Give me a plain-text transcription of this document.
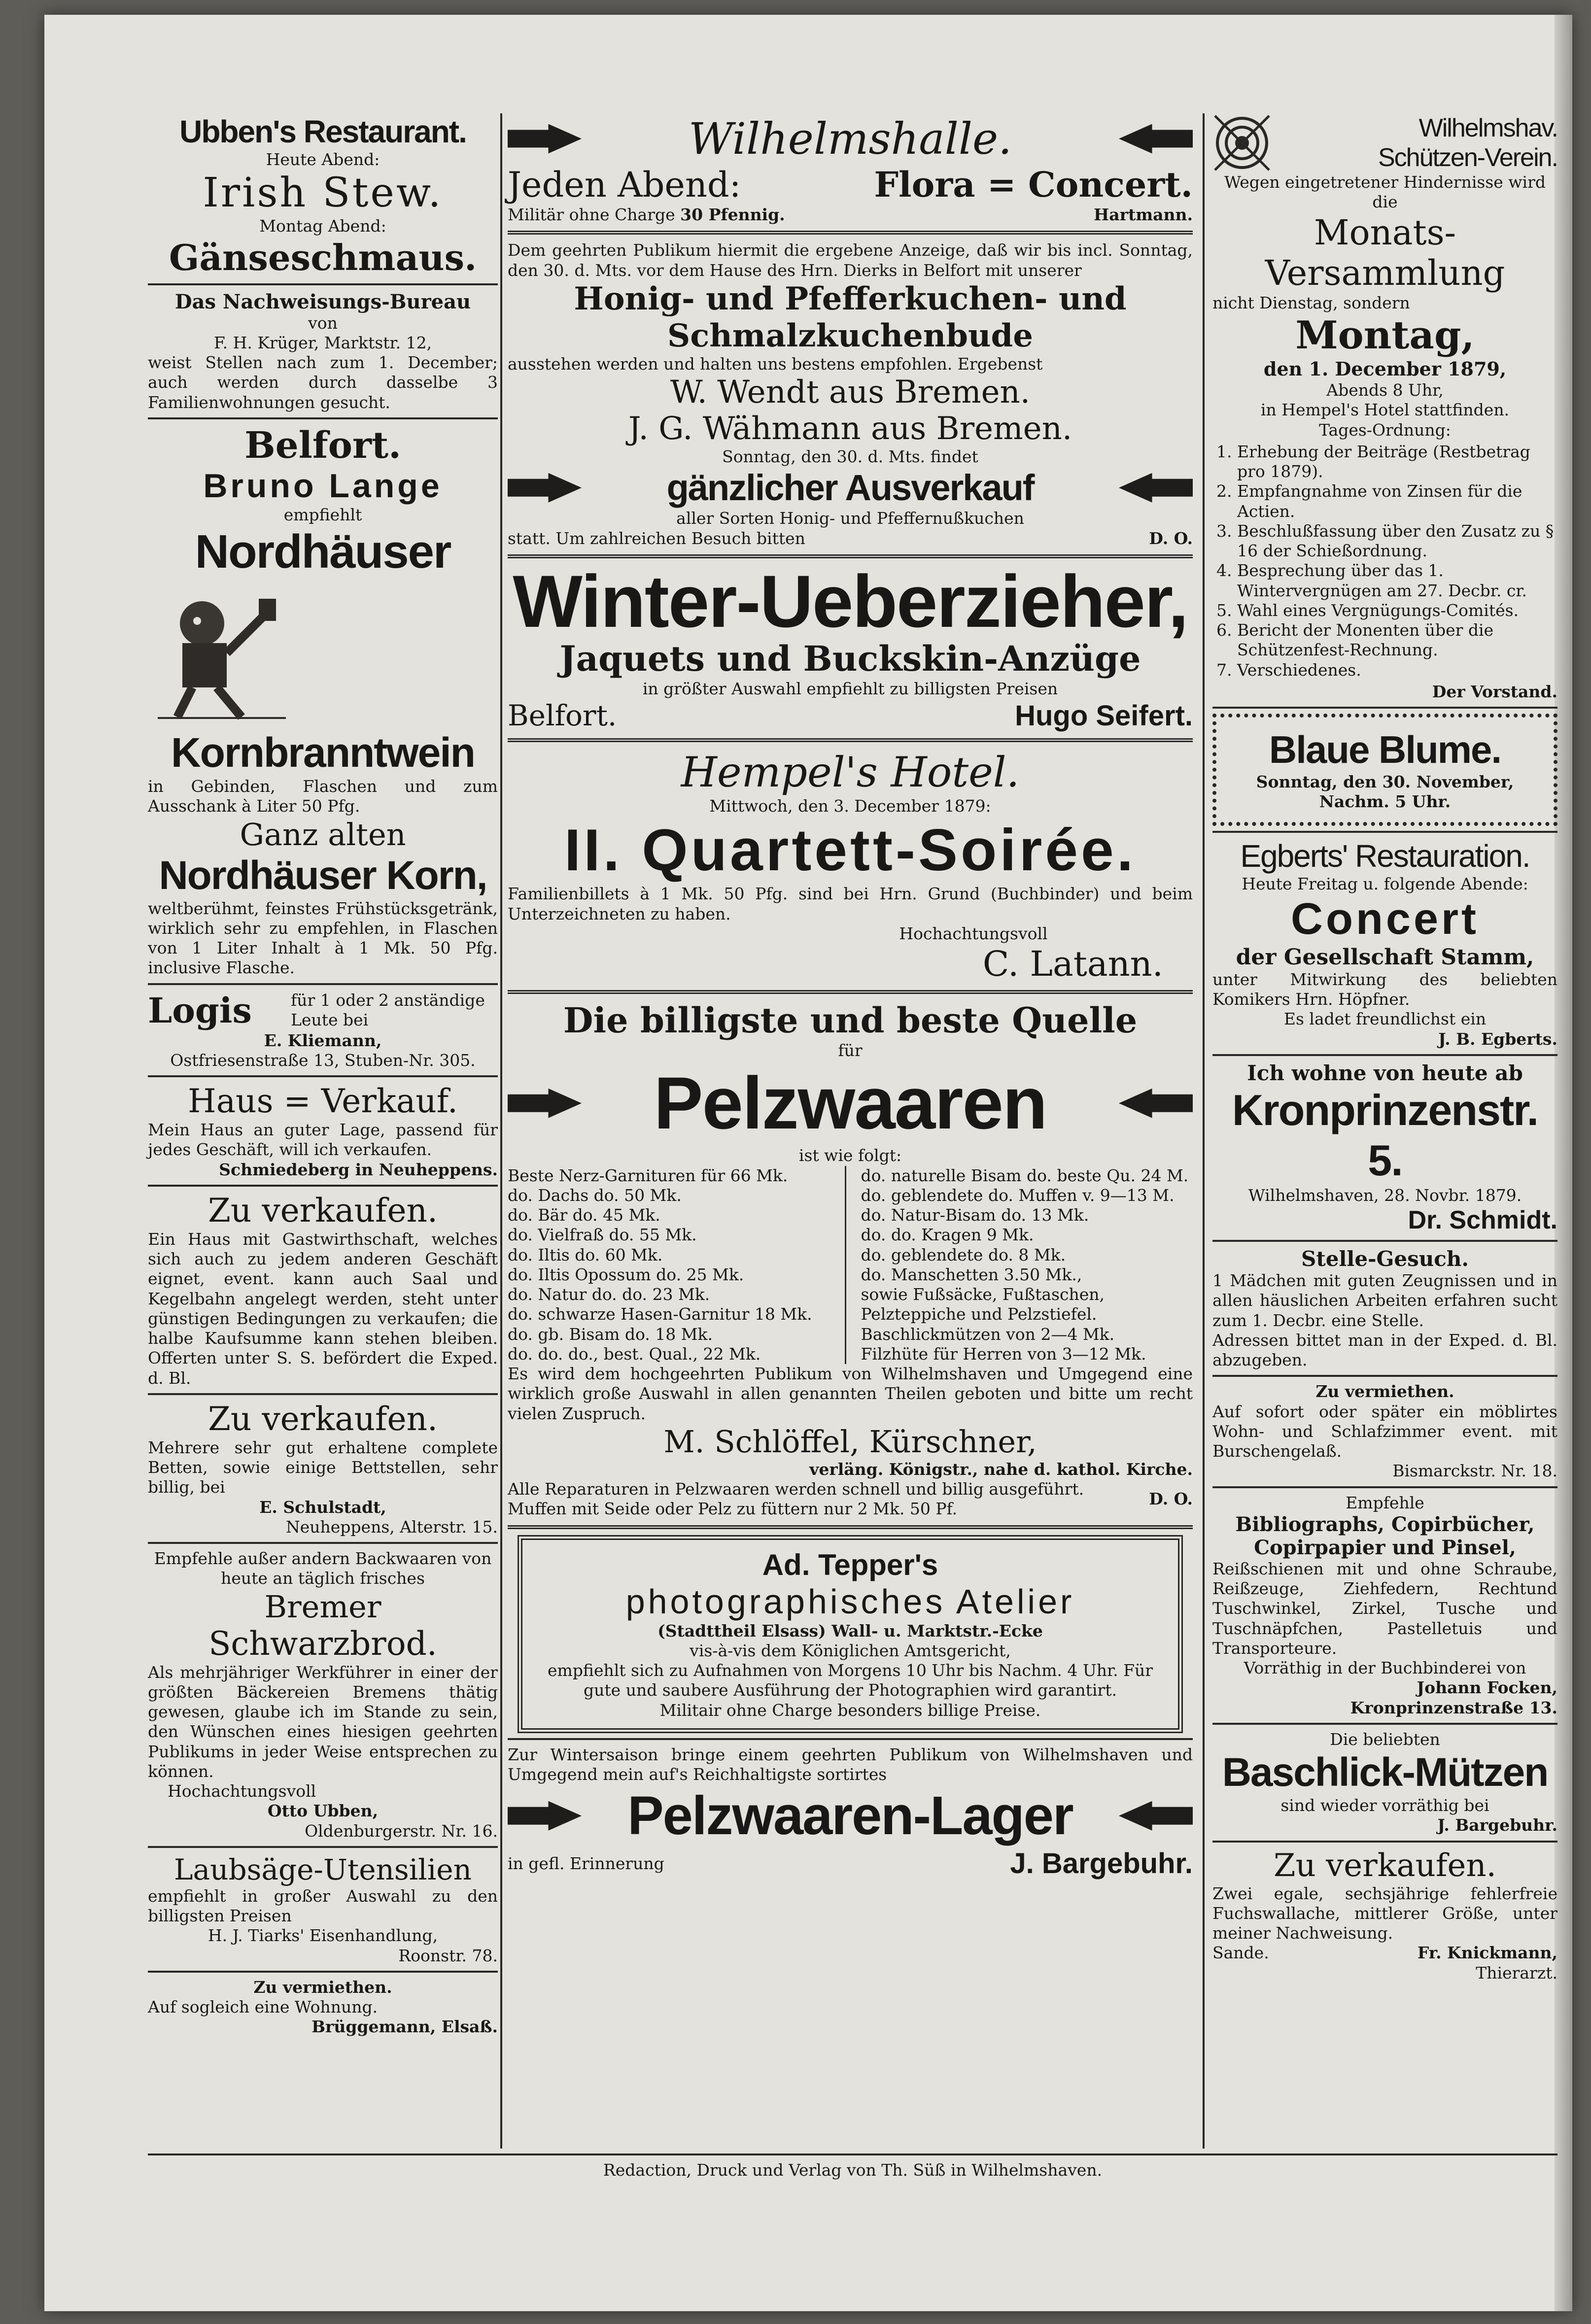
Ubben's Restaurant.
Heute Abend:
Irish Stew.
Montag Abend:
Gänseschmaus.
Das Nachweisungs-Bureau
von
F. H. Krüger, Marktstr. 12,
weist Stellen nach zum 1. December; auch werden durch dasselbe 3 Familienwohnungen gesucht.
Belfort.
Bruno Lange
empfiehlt
Nordhäuser
Kornbranntwein
in Gebinden, Flaschen und zum Ausschank à Liter 50 Pfg.
Ganz alten
Nordhäuser Korn,
weltberühmt, feinstes Frühstücksgetränk, wirklich sehr zu empfehlen, in Flaschen von 1 Liter Inhalt à 1 Mk. 50 Pfg. inclusive Flasche.
Logis für 1 oder 2 anständige Leute bei
E. Kliemann,
Ostfriesenstraße 13, Stuben-Nr. 305.
Haus = Verkauf.
Mein Haus an guter Lage, passend für jedes Geschäft, will ich verkaufen.
Schmiedeberg in Neuheppens.
Zu verkaufen.
Ein Haus mit Gastwirthschaft, welches sich auch zu jedem anderen Geschäft eignet, event. kann auch Saal und Kegelbahn angelegt werden, steht unter günstigen Bedingungen zu verkaufen; die halbe Kaufsumme kann stehen bleiben. Offerten unter S. S. befördert die Exped. d. Bl.
Zu verkaufen.
Mehrere sehr gut erhaltene complete Betten, sowie einige Bettstellen, sehr billig, bei
E. Schulstadt,
Neuheppens, Alterstr. 15.
Empfehle außer andern Backwaaren von heute an täglich frisches
Bremer
Schwarzbrod.
Als mehrjähriger Werkführer in einer der größten Bäckereien Bremens thätig gewesen, glaube ich im Stande zu sein, den Wünschen eines hiesigen geehrten Publikums in jeder Weise entsprechen zu können.
Hochachtungsvoll
Otto Ubben,
Oldenburgerstr. Nr. 16.
Laubsäge-Utensilien
empfiehlt in großer Auswahl zu den billigsten Preisen
H. J. Tiarks' Eisenhandlung,
Roonstr. 78.
Zu vermiethen.
Auf sogleich eine Wohnung.
Brüggemann, Elsaß.
Wilhelmshalle.
Jeden Abend:	Flora = Concert.
Militär ohne Charge 30 Pfennig.	Hartmann.
Dem geehrten Publikum hiermit die ergebene Anzeige, daß wir bis incl. Sonntag, den 30. d. Mts. vor dem Hause des Hrn. Dierks in Belfort mit unserer
Honig- und Pfefferkuchen- und
Schmalzkuchenbude
ausstehen werden und halten uns bestens empfohlen. Ergebenst
W. Wendt aus Bremen.
J. G. Wähmann aus Bremen.
Sonntag, den 30. d. Mts. findet
gänzlicher Ausverkauf
aller Sorten Honig- und Pfeffernußkuchen
statt. Um zahlreichen Besuch bitten	D. O.
Winter-Ueberzieher,
Jaquets und Buckskin-Anzüge
in größter Auswahl empfiehlt zu billigsten Preisen
Belfort.	Hugo Seifert.
Hempel's Hotel.
Mittwoch, den 3. December 1879:
II. Quartett-Soirée.
Familienbillets à 1 Mk. 50 Pfg. sind bei Hrn. Grund (Buchbinder) und beim Unterzeichneten zu haben.
Hochachtungsvoll
C. Latann.
Die billigste und beste Quelle
für
Pelzwaaren
ist wie folgt:
Beste Nerz-Garnituren für 66 Mk.
do. Dachs do. 50 Mk.
do. Bär do. 45 Mk.
do. Vielfraß do. 55 Mk.
do. Iltis do. 60 Mk.
do. Iltis Opossum do. 25 Mk.
do. Natur do. do. 23 Mk.
do. schwarze Hasen-Garnitur 18 Mk.
do. gb. Bisam do. 18 Mk.
do. do. do., best. Qual., 22 Mk.
do. naturelle Bisam do. beste Qu. 24 M.
do. geblendete do. Muffen v. 9—13 M.
do. Natur-Bisam do. 13 Mk.
do. do. Kragen 9 Mk.
do. geblendete do. 8 Mk.
do. Manschetten 3.50 Mk.,
sowie Fußsäcke, Fußtaschen, Pelzteppiche und Pelzstiefel.
Baschlickmützen von 2—4 Mk.
Filzhüte für Herren von 3—12 Mk.
Es wird dem hochgeehrten Publikum von Wilhelmshaven und Umgegend eine wirklich große Auswahl in allen genannten Theilen geboten und bitte um recht vielen Zuspruch.
M. Schlöffel, Kürschner,
verläng. Königstr., nahe d. kathol. Kirche.
Alle Reparaturen in Pelzwaaren werden schnell und billig ausgeführt. Muffen mit Seide oder Pelz zu füttern nur 2 Mk. 50 Pf.
D. O.
Ad. Tepper's
photographisches Atelier
(Stadttheil Elsass) Wall- u. Marktstr.-Ecke
vis-à-vis dem Königlichen Amtsgericht,
empfiehlt sich zu Aufnahmen von Morgens 10 Uhr bis Nachm. 4 Uhr. Für gute und saubere Ausführung der Photographien wird garantirt.
Militair ohne Charge besonders billige Preise.
Zur Wintersaison bringe einem geehrten Publikum von Wilhelmshaven und Umgegend mein auf's Reichhaltigste sortirtes
Pelzwaaren-Lager
in gefl. Erinnerung	J. Bargebuhr.
Wilhelmshav.
Schützen-Verein.
Wegen eingetretener Hindernisse wird die
Monats-
Versammlung
nicht Dienstag, sondern
Montag,
den 1. December 1879,
Abends 8 Uhr,
in Hempel's Hotel stattfinden.
Tages-Ordnung:
1. Erhebung der Beiträge (Restbetrag pro 1879).
2. Empfangnahme von Zinsen für die Actien.
3. Beschlußfassung über den Zusatz zu § 16 der Schießordnung.
4. Besprechung über das 1. Wintervergnügen am 27. Decbr. cr.
5. Wahl eines Vergnügungs-Comités.
6. Bericht der Monenten über die Schützenfest-Rechnung.
7. Verschiedenes.
Der Vorstand.
Blaue Blume.
Sonntag, den 30. November,
Nachm. 5 Uhr.
Egberts' Restauration.
Heute Freitag u. folgende Abende:
Concert
der Gesellschaft Stamm,
unter Mitwirkung des beliebten Komikers Hrn. Höpfner.
Es ladet freundlichst ein
J. B. Egberts.
Ich wohne von heute ab
Kronprinzenstr. 5.
Wilhelmshaven, 28. Novbr. 1879.
Dr. Schmidt.
Stelle-Gesuch.
1 Mädchen mit guten Zeugnissen und in allen häuslichen Arbeiten erfahren sucht zum 1. Decbr. eine Stelle.
Adressen bittet man in der Exped. d. Bl. abzugeben.
Zu vermiethen.
Auf sofort oder später ein möblirtes Wohn- und Schlafzimmer event. mit Burschengelaß.
Bismarckstr. Nr. 18.
Empfehle
Bibliographs, Copirbücher, Copirpapier und Pinsel,
Reißschienen mit und ohne Schraube, Reißzeuge, Ziehfedern, Rechtund Tuschwinkel, Zirkel, Tusche und Tuschnäpfchen, Pastelletuis und Transporteure.
Vorräthig in der Buchbinderei von
Johann Focken,
Kronprinzenstraße 13.
Die beliebten
Baschlick-Mützen
sind wieder vorräthig bei
J. Bargebuhr.
Zu verkaufen.
Zwei egale, sechsjährige fehlerfreie Fuchswallache, mittlerer Größe, unter meiner Nachweisung.
Sande.	Fr. Knickmann,
Thierarzt.
Redaction, Druck und Verlag von Th. Süß in Wilhelmshaven.
